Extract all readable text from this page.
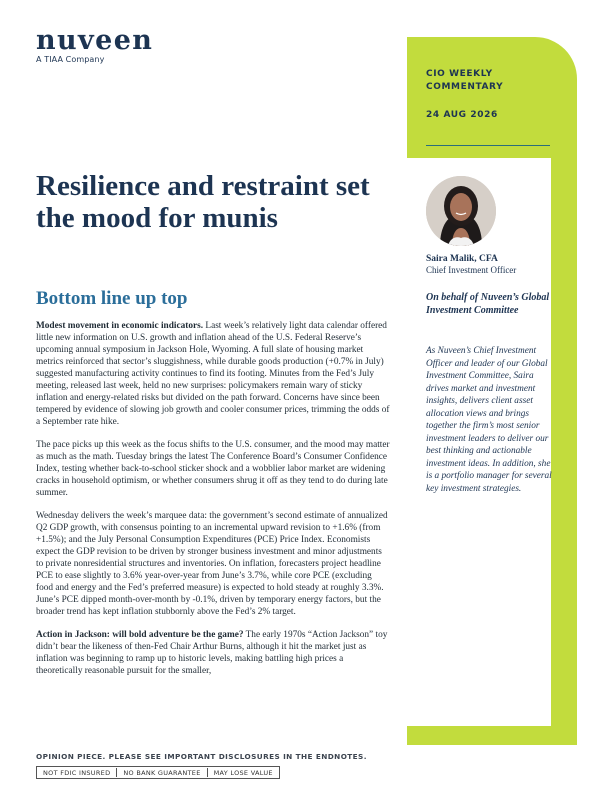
nuveen
A TIAA Company
CIO WEEKLY COMMENTARY
24 AUG 2026
Saira Malik, CFA
Chief Investment Officer
On behalf of Nuveen’s Global Investment Committee
As Nuveen’s Chief Investment Officer and leader of our Global Investment Committee, Saira drives market and investment insights, delivers client asset allocation views and brings together the firm’s most senior investment leaders to deliver our best thinking and actionable investment ideas. In addition, she is a portfolio manager for several key investment strategies.
Resilience and restraint set the mood for munis
Bottom line up top

Modest movement in economic indicators. Last week’s relatively light data calendar offered little new information on U.S. growth and inflation ahead of the U.S. Federal Reserve’s upcoming annual symposium in Jackson Hole, Wyoming. A full slate of housing market metrics reinforced that sector’s sluggishness, while durable goods production (+0.7% in July) suggested manufacturing activity continues to find its footing. Minutes from the Fed’s July meeting, released last week, held no new surprises: policymakers remain wary of sticky inflation and energy-related risks but divided on the path forward. Concerns have since been tempered by evidence of slowing job growth and cooler consumer prices, trimming the odds of a September rate hike.

The pace picks up this week as the focus shifts to the U.S. consumer, and the mood may matter as much as the math. Tuesday brings the latest The Conference Board’s Consumer Confidence Index, testing whether back-to-school sticker shock and a wobblier labor market are widening cracks in household optimism, or whether consumers shrug it off as they tend to do during late summer.

Wednesday delivers the week’s marquee data: the government’s second estimate of annualized Q2 GDP growth, with consensus pointing to an incremental upward revision to +1.6% (from +1.5%); and the July Personal Consumption Expenditures (PCE) Price Index. Economists expect the GDP revision to be driven by stronger business investment and minor adjustments to private nonresidential structures and inventories. On inflation, forecasters project headline PCE to ease slightly to 3.6% year-over-year from June’s 3.7%, while core PCE (excluding food and energy and the Fed’s preferred measure) is expected to hold steady at roughly 3.3%. June’s PCE dipped month-over-month by -0.1%, driven by temporary energy factors, but the broader trend has kept inflation stubbornly above the Fed’s 2% target.

Action in Jackson: will bold adventure be the game? The early 1970s “Action Jackson” toy didn’t bear the likeness of then-Fed Chair Arthur Burns, although it hit the market just as inflation was beginning to ramp up to historic levels, making battling high prices a theoretically reasonable pursuit for the smaller,

OPINION PIECE. PLEASE SEE IMPORTANT DISCLOSURES IN THE ENDNOTES.
NOT FDIC INSURED	NO BANK GUARANTEE	MAY LOSE VALUE
